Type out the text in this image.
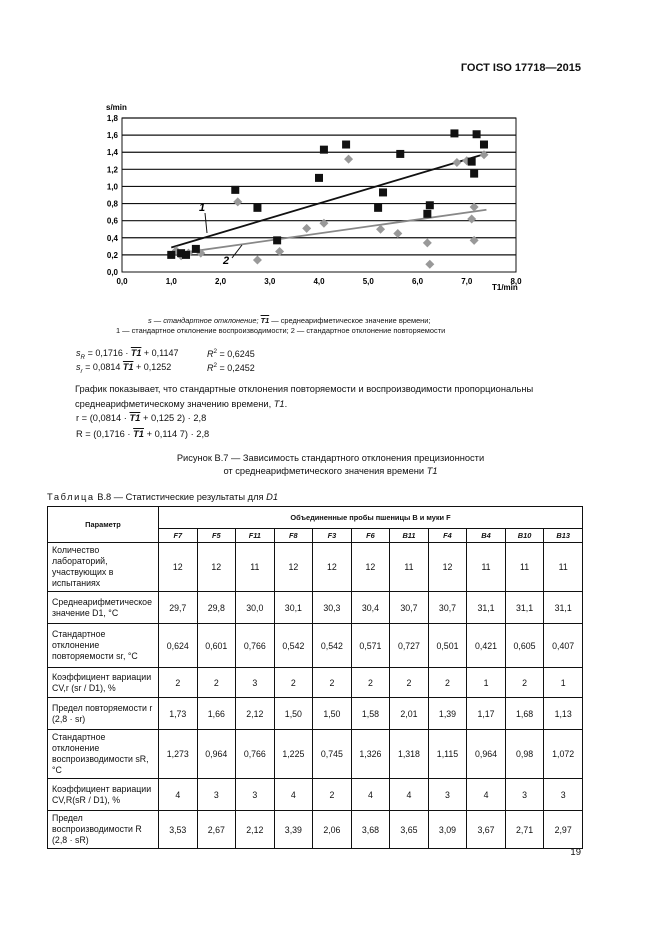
ГОСТ ISO 17718—2015
0,0
0,2
0,4
0,6
0,8
1,0
1,2
1,4
1,6
1,8
0,0	1,0	2,0	3,0	4,0	5,0	6,0	7,0	8,0
s/min
T1/min
1
2
s — стандартное отклонение; T1 — среднеарифметическое значение времени;
1 — стандартное отклонение воспроизводимости; 2 — стандартное отклонение повторяемости
$s_R = 0,1716 \cdot T1 + 0,1147$	$R^2 = 0,6245$
$s_r = 0,0814$ T1 + 0,1252	$R^2 = 0,2452$
График показывает, что стандартные отклонения повторяемости и воспроизводимости пропорциональны среднеарифметическому значению времени, T1.
r = (0,0814 · T1 + 0,125 2) · 2,8
R = (0,1716 · T1 + 0,114 7) · 2,8
Рисунок В.7 — Зависимость стандартного отклонения прецизионности
от среднеарифметического значения времени T1
Таблица В.8 — Статистические результаты для D1
Параметр	Объединенные пробы пшеницы B и муки F										
	F7	F5	F11	F8	F3	F6	B11	F4	B4	B10	B13
Количество лабораторий, участвующих в испытаниях	12	12	11	12	12	12	11	12	11	11	11
Среднеарифметическое значение D1, °C	29,7	29,8	30,0	30,1	30,3	30,4	30,7	30,7	31,1	31,1	31,1
Стандартное отклонение повторяемости sr, °C	0,624	0,601	0,766	0,542	0,542	0,571	0,727	0,501	0,421	0,605	0,407
Коэффициент вариации CV,r (sr / D1), %	2	2	3	2	2	2	2	2	1	2	1
Предел повторяемости r (2,8 · sr)	1,73	1,66	2,12	1,50	1,50	1,58	2,01	1,39	1,17	1,68	1,13
Стандартное отклонение воспроизводимости sR, °C	1,273	0,964	0,766	1,225	0,745	1,326	1,318	1,115	0,964	0,98	1,072
Коэффициент вариации CV,R(sR / D1), %	4	3	3	4	2	4	4	3	4	3	3
Предел воспроизводимости R (2,8 · sR)	3,53	2,67	2,12	3,39	2,06	3,68	3,65	3,09	3,67	2,71	2,97
19
